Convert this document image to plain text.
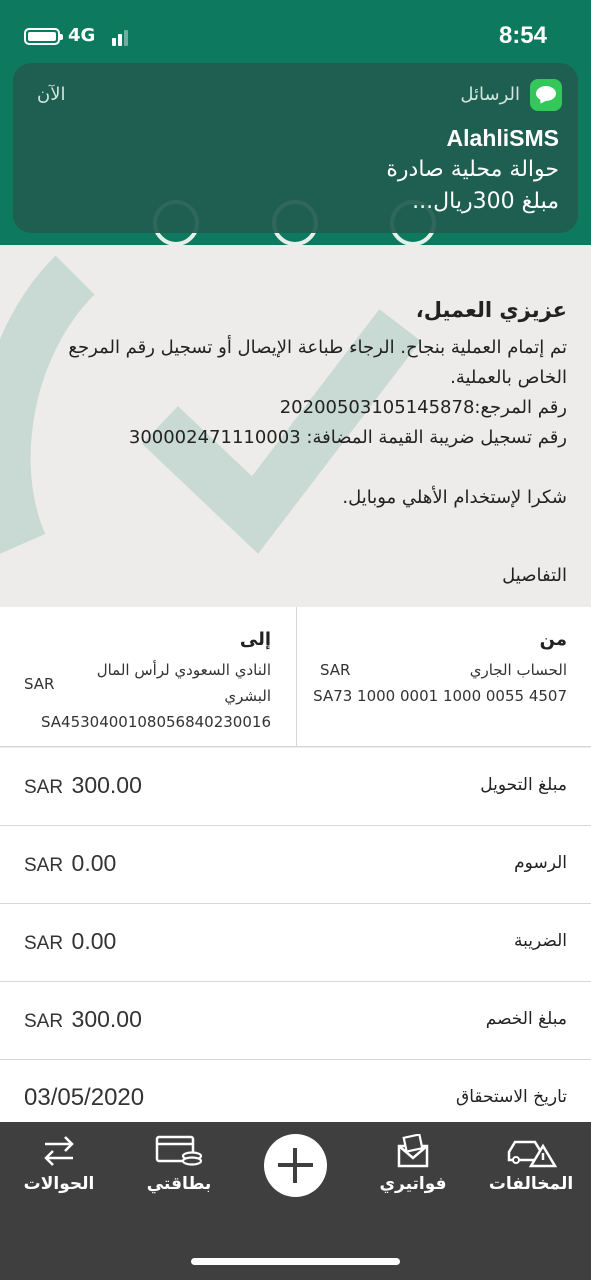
4G	8:54
الرسائل
الآن
AlahliSMS
حوالة محلية صادرة
مبلغ 300ريال...
عزيزي العميل،
تم إتمام العملية بنجاح. الرجاء طباعة الإيصال أو تسجيل رقم المرجع
الخاص بالعملية.
رقم المرجع:20200503105145878
رقم تسجيل ضريبة القيمة المضافة: 300002471110003
شكرا لإستخدام الأهلي موبايل.
التفاصيل
من
الحساب الجاري
SAR
SA73 1000 0001 1000 0055 4507
إلى
النادي السعودي لرأس المال
البشري
SAR
SA4530400108056840230016
مبلغ التحويل
SAR 300.00
الرسوم
SAR 0.00
الضريبة
SAR 0.00
مبلغ الخصم
SAR 300.00
تاريخ الاستحقاق
03/05/2020
الحوالات	بطاقتي	فواتيري	المخالفات
